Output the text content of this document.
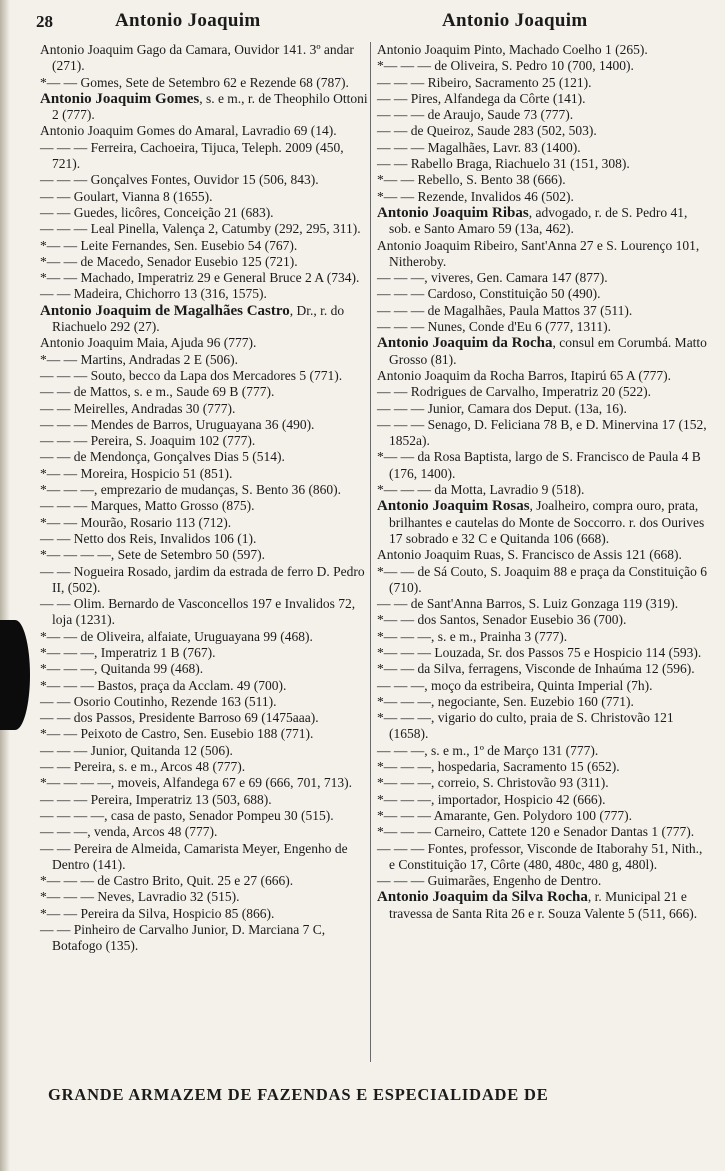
28	Antonio Joaquim	Antonio Joaquim

Antonio Joaquim Gago da Camara, Ouvidor 141. 3º andar (271).

*— — Gomes, Sete de Setembro 62 e Rezende 68 (787).

Antonio Joaquim Gomes, s. e m., r. de Theophilo Ottoni 2 (777).

Antonio Joaquim Gomes do Amaral, Lavradio 69 (14).

— — — Ferreira, Cachoeira, Tijuca, Teleph. 2009 (450, 721).

— — — Gonçalves Fontes, Ouvidor 15 (506, 843).

— — Goulart, Vianna 8 (1655).

— — Guedes, licôres, Conceição 21 (683).

— — — Leal Pinella, Valença 2, Catumby (292, 295, 311).

*— — Leite Fernandes, Sen. Eusebio 54 (767).

*— — de Macedo, Senador Eusebio 125 (721).

*— — Machado, Imperatriz 29 e General Bruce 2 A (734).

— — Madeira, Chichorro 13 (316, 1575).

Antonio Joaquim de Magalhães Castro, Dr., r. do Riachuelo 292 (27).

Antonio Joaquim Maia, Ajuda 96 (777).

*— — Martins, Andradas 2 E (506).

— — — Souto, becco da Lapa dos Mercadores 5 (771).

— — de Mattos, s. e m., Saude 69 B (777).

— — Meirelles, Andradas 30 (777).

— — — Mendes de Barros, Uruguayana 36 (490).

— — — Pereira, S. Joaquim 102 (777).

— — de Mendonça, Gonçalves Dias 5 (514).

*— — Moreira, Hospicio 51 (851).

*— — —, emprezario de mudanças, S. Bento 36 (860).

— — — Marques, Matto Grosso (875).

*— — Mourão, Rosario 113 (712).

— — Netto dos Reis, Invalidos 106 (1).

*— — — —, Sete de Setembro 50 (597).

— — Nogueira Rosado, jardim da estrada de ferro D. Pedro II, (502).

— — Olim. Bernardo de Vasconcellos 197 e Invalidos 72, loja (1231).

*— — de Oliveira, alfaiate, Uruguayana 99 (468).

*— — —, Imperatriz 1 B (767).

*— — —, Quitanda 99 (468).

*— — — Bastos, praça da Acclam. 49 (700).

— — Osorio Coutinho, Rezende 163 (511).

— — dos Passos, Presidente Barroso 69 (1475aaa).

*— — Peixoto de Castro, Sen. Eusebio 188 (771).

— — — Junior, Quitanda 12 (506).

— — Pereira, s. e m., Arcos 48 (777).

*— — — —, moveis, Alfandega 67 e 69 (666, 701, 713).

— — — Pereira, Imperatriz 13 (503, 688).

— — — —, casa de pasto, Senador Pompeu 30 (515).

— — —, venda, Arcos 48 (777).

— — Pereira de Almeida, Camarista Meyer, Engenho de Dentro (141).

*— — — de Castro Brito, Quit. 25 e 27 (666).

*— — — Neves, Lavradio 32 (515).

*— — Pereira da Silva, Hospicio 85 (866).

— — Pinheiro de Carvalho Junior, D. Marciana 7 C, Botafogo (135).

Antonio Joaquim Pinto, Machado Coelho 1 (265).

*— — — de Oliveira, S. Pedro 10 (700, 1400).

— — — Ribeiro, Sacramento 25 (121).

— — Pires, Alfandega da Côrte (141).

— — — de Araujo, Saude 73 (777).

— — de Queiroz, Saude 283 (502, 503).

— — — Magalhães, Lavr. 83 (1400).

— — Rabello Braga, Riachuelo 31 (151, 308).

*— — Rebello, S. Bento 38 (666).

*— — Rezende, Invalidos 46 (502).

Antonio Joaquim Ribas, advogado, r. de S. Pedro 41, sob. e Santo Amaro 59 (13a, 462).

Antonio Joaquim Ribeiro, Sant'Anna 27 e S. Lourenço 101, Nitheroby.

— — —, viveres, Gen. Camara 147 (877).

— — — Cardoso, Constituição 50 (490).

— — — de Magalhães, Paula Mattos 37 (511).

— — — Nunes, Conde d'Eu 6 (777, 1311).

Antonio Joaquim da Rocha, consul em Corumbá. Matto Grosso (81).

Antonio Joaquim da Rocha Barros, Itapirú 65 A (777).

— — Rodrigues de Carvalho, Imperatriz 20 (522).

— — — Junior, Camara dos Deput. (13a, 16).

— — — Senago, D. Feliciana 78 B, e D. Minervina 17 (152, 1852a).

*— — da Rosa Baptista, largo de S. Francisco de Paula 4 B (176, 1400).

*— — — da Motta, Lavradio 9 (518).

Antonio Joaquim Rosas, Joalheiro, compra ouro, prata, brilhantes e cautelas do Monte de Soccorro. r. dos Ourives 17 sobrado e 32 C e Quitanda 106 (668).

Antonio Joaquim Ruas, S. Francisco de Assis 121 (668).

*— — de Sá Couto, S. Joaquim 88 e praça da Constituição 6 (710).

— — de Sant'Anna Barros, S. Luiz Gonzaga 119 (319).

*— — dos Santos, Senador Eusebio 36 (700).

*— — —, s. e m., Prainha 3 (777).

*— — — Louzada, Sr. dos Passos 75 e Hospicio 114 (593).

*— — da Silva, ferragens, Visconde de Inhaúma 12 (596).

— — —, moço da estribeira, Quinta Imperial (7h).

*— — —, negociante, Sen. Euzebio 160 (771).

*— — —, vigario do culto, praia de S. Christovão 121 (1658).

— — —, s. e m., 1º de Março 131 (777).

*— — —, hospedaria, Sacramento 15 (652).

*— — —, correio, S. Christovão 93 (311).

*— — —, importador, Hospicio 42 (666).

*— — — Amarante, Gen. Polydoro 100 (777).

*— — — Carneiro, Cattete 120 e Senador Dantas 1 (777).

— — — Fontes, professor, Visconde de Itaborahy 51, Nith., e Constituição 17, Côrte (480, 480c, 480 g, 480l).

— — — Guimarães, Engenho de Dentro.

Antonio Joaquim da Silva Rocha, r. Municipal 21 e travessa de Santa Rita 26 e r. Souza Valente 5 (511, 666).

GRANDE ARMAZEM DE FAZENDAS E ESPECIALIDADE DE
